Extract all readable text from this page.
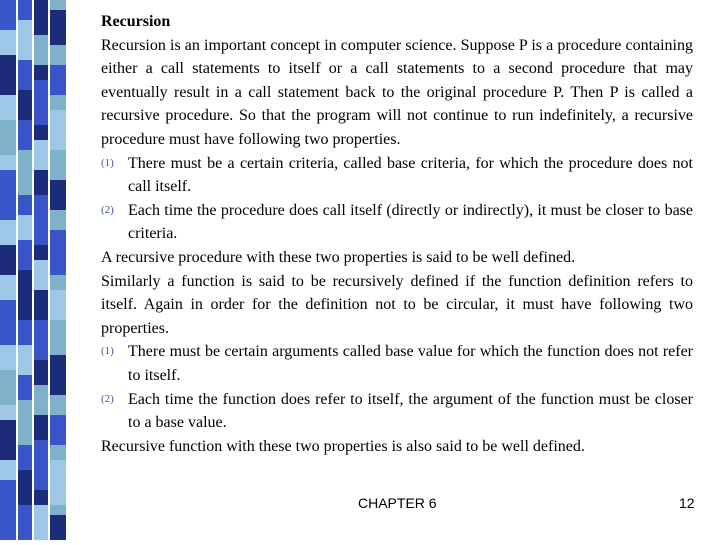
Recursion

Recursion is an important concept in computer science. Suppose P is a procedure containing either a call statements to itself or a call statements to a second procedure that may eventually result in a call statement back to the original procedure P. Then P is called a recursive procedure. So that the program will not continue to run indefinitely, a recursive procedure must have following two properties.

(1) There must be a certain criteria, called base criteria, for which the procedure does not call itself.

(2) Each time the procedure does call itself (directly or indirectly), it must be closer to base criteria.

A recursive procedure with these two properties is said to be well defined.

Similarly a function is said to be recursively defined if the function definition refers to itself. Again in order for the definition not to be circular, it must have following two properties.

(1) There must be certain arguments called base value for which the function does not refer to itself.

(2) Each time the function does refer to itself, the argument of the function must be closer to a base value.

Recursive function with these two properties is also said to be well defined.

CHAPTER 6	12
